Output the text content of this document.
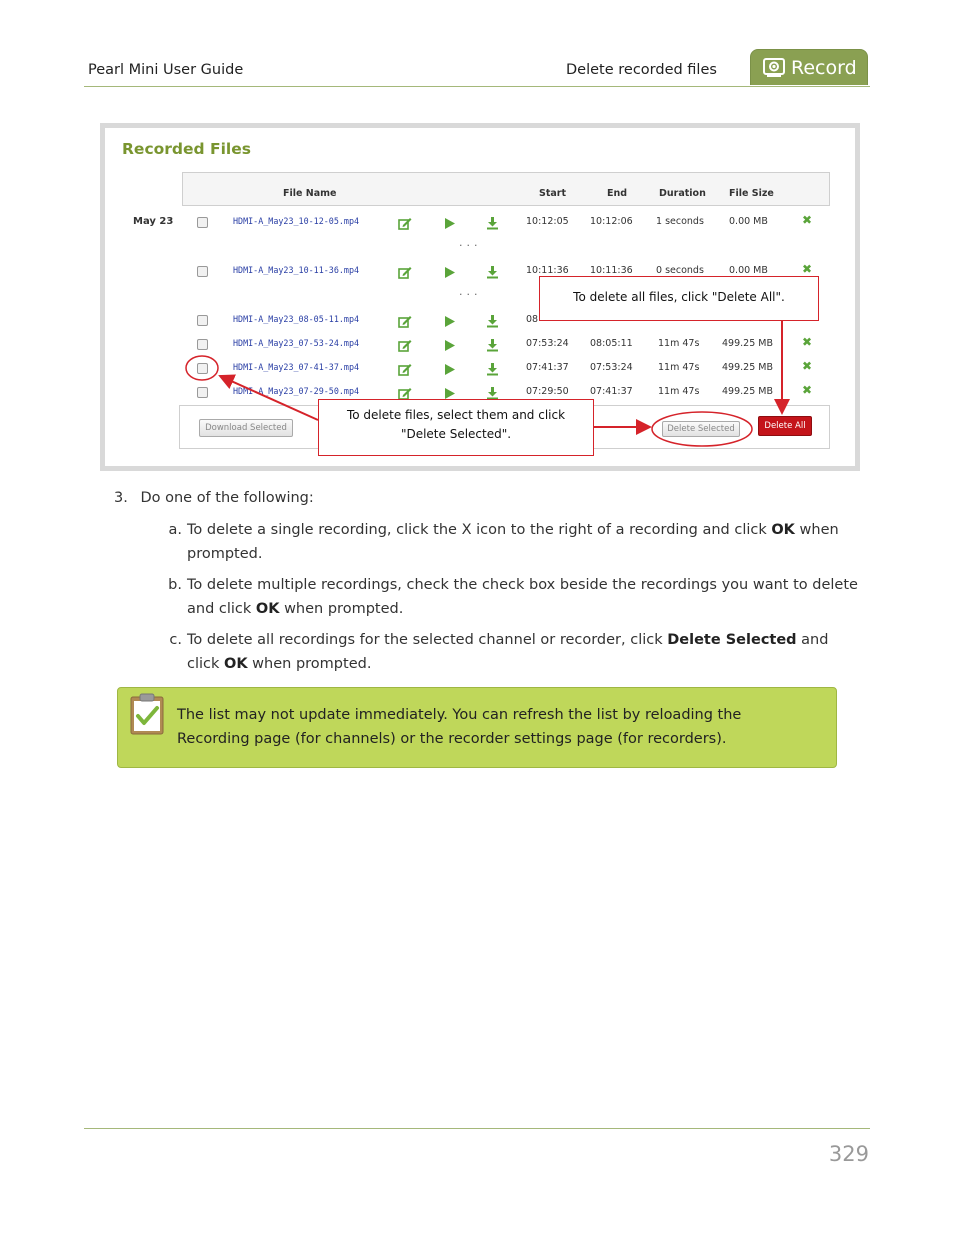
Pearl Mini User Guide	Delete recorded files	Record
Recorded Files
File Name	Start	End	Duration File Size
May 23	HDMI-A_May23_10-12-05.mp4	10:12:05 10:12:06 1 seconds	0.00 MB	✖
HDMI-A_May23_10-11-36.mp4	10:11:36 10:11:36 0 seconds	0.00 MB	✖
HDMI-A_May23_08-05-11.mp4	08
HDMI-A_May23_07-53-24.mp4	07:53:24 08:05:11	11m 47s 499.25 MB ✖
HDMI-A_May23_07-41-37.mp4	07:41:37 07:53:24	11m 47s 499.25 MB ✖
HDMI-A_May23_07-29-50.mp4	07:29:50 07:41:37	11m 47s 499.25 MB ✖
...
...
Download Selected	Delete Selected	Delete All
To delete all files, click "Delete All".
To delete files, select them and click "Delete Selected".
3. Do one of the following:
a. To delete a single recording, click the X icon to the right of a recording and click OK when prompted.
b. To delete multiple recordings, check the check box beside the recordings you want to delete and click OK when prompted.
c. To delete all recordings for the selected channel or recorder, click Delete Selected and click OK when prompted.
The list may not update immediately. You can refresh the list by reloading the Recording page (for channels) or the recorder settings page (for recorders).
329
